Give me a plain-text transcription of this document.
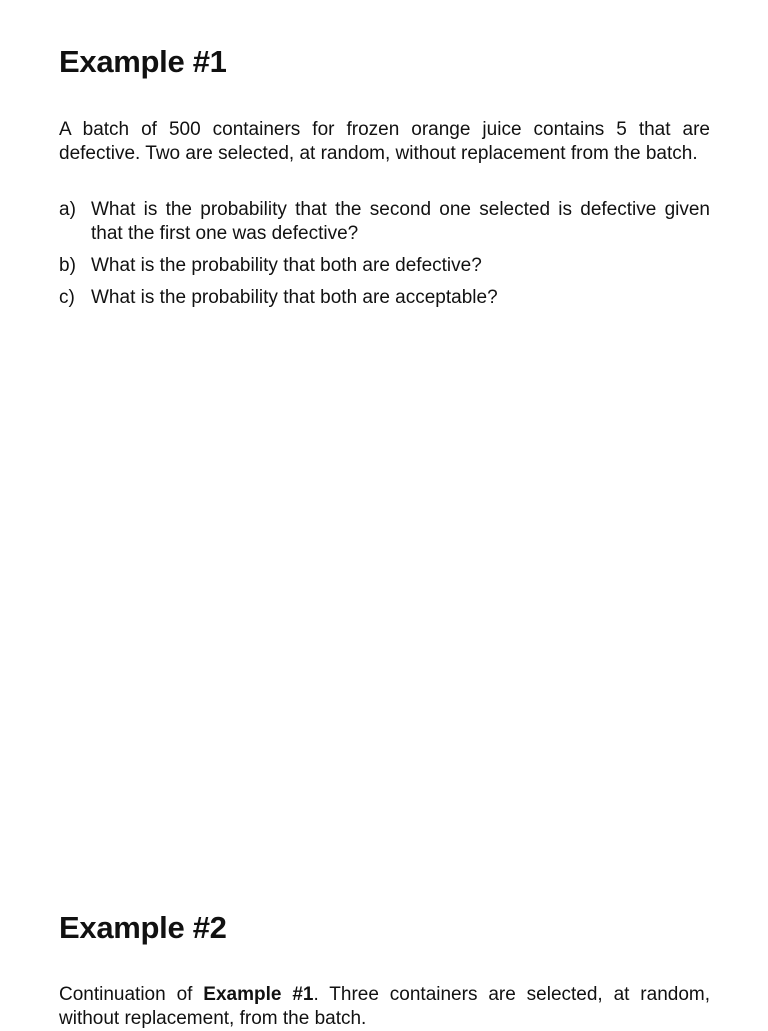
Example #1

A batch of 500 containers for frozen orange juice contains 5 that are defective. Two are selected, at random, without replacement from the batch.

a) What is the probability that the second one selected is defective given that the first one was defective?
b) What is the probability that both are defective?
c) What is the probability that both are acceptable?
Example #2

Continuation of Example #1. Three containers are selected, at random, without replacement, from the batch.
